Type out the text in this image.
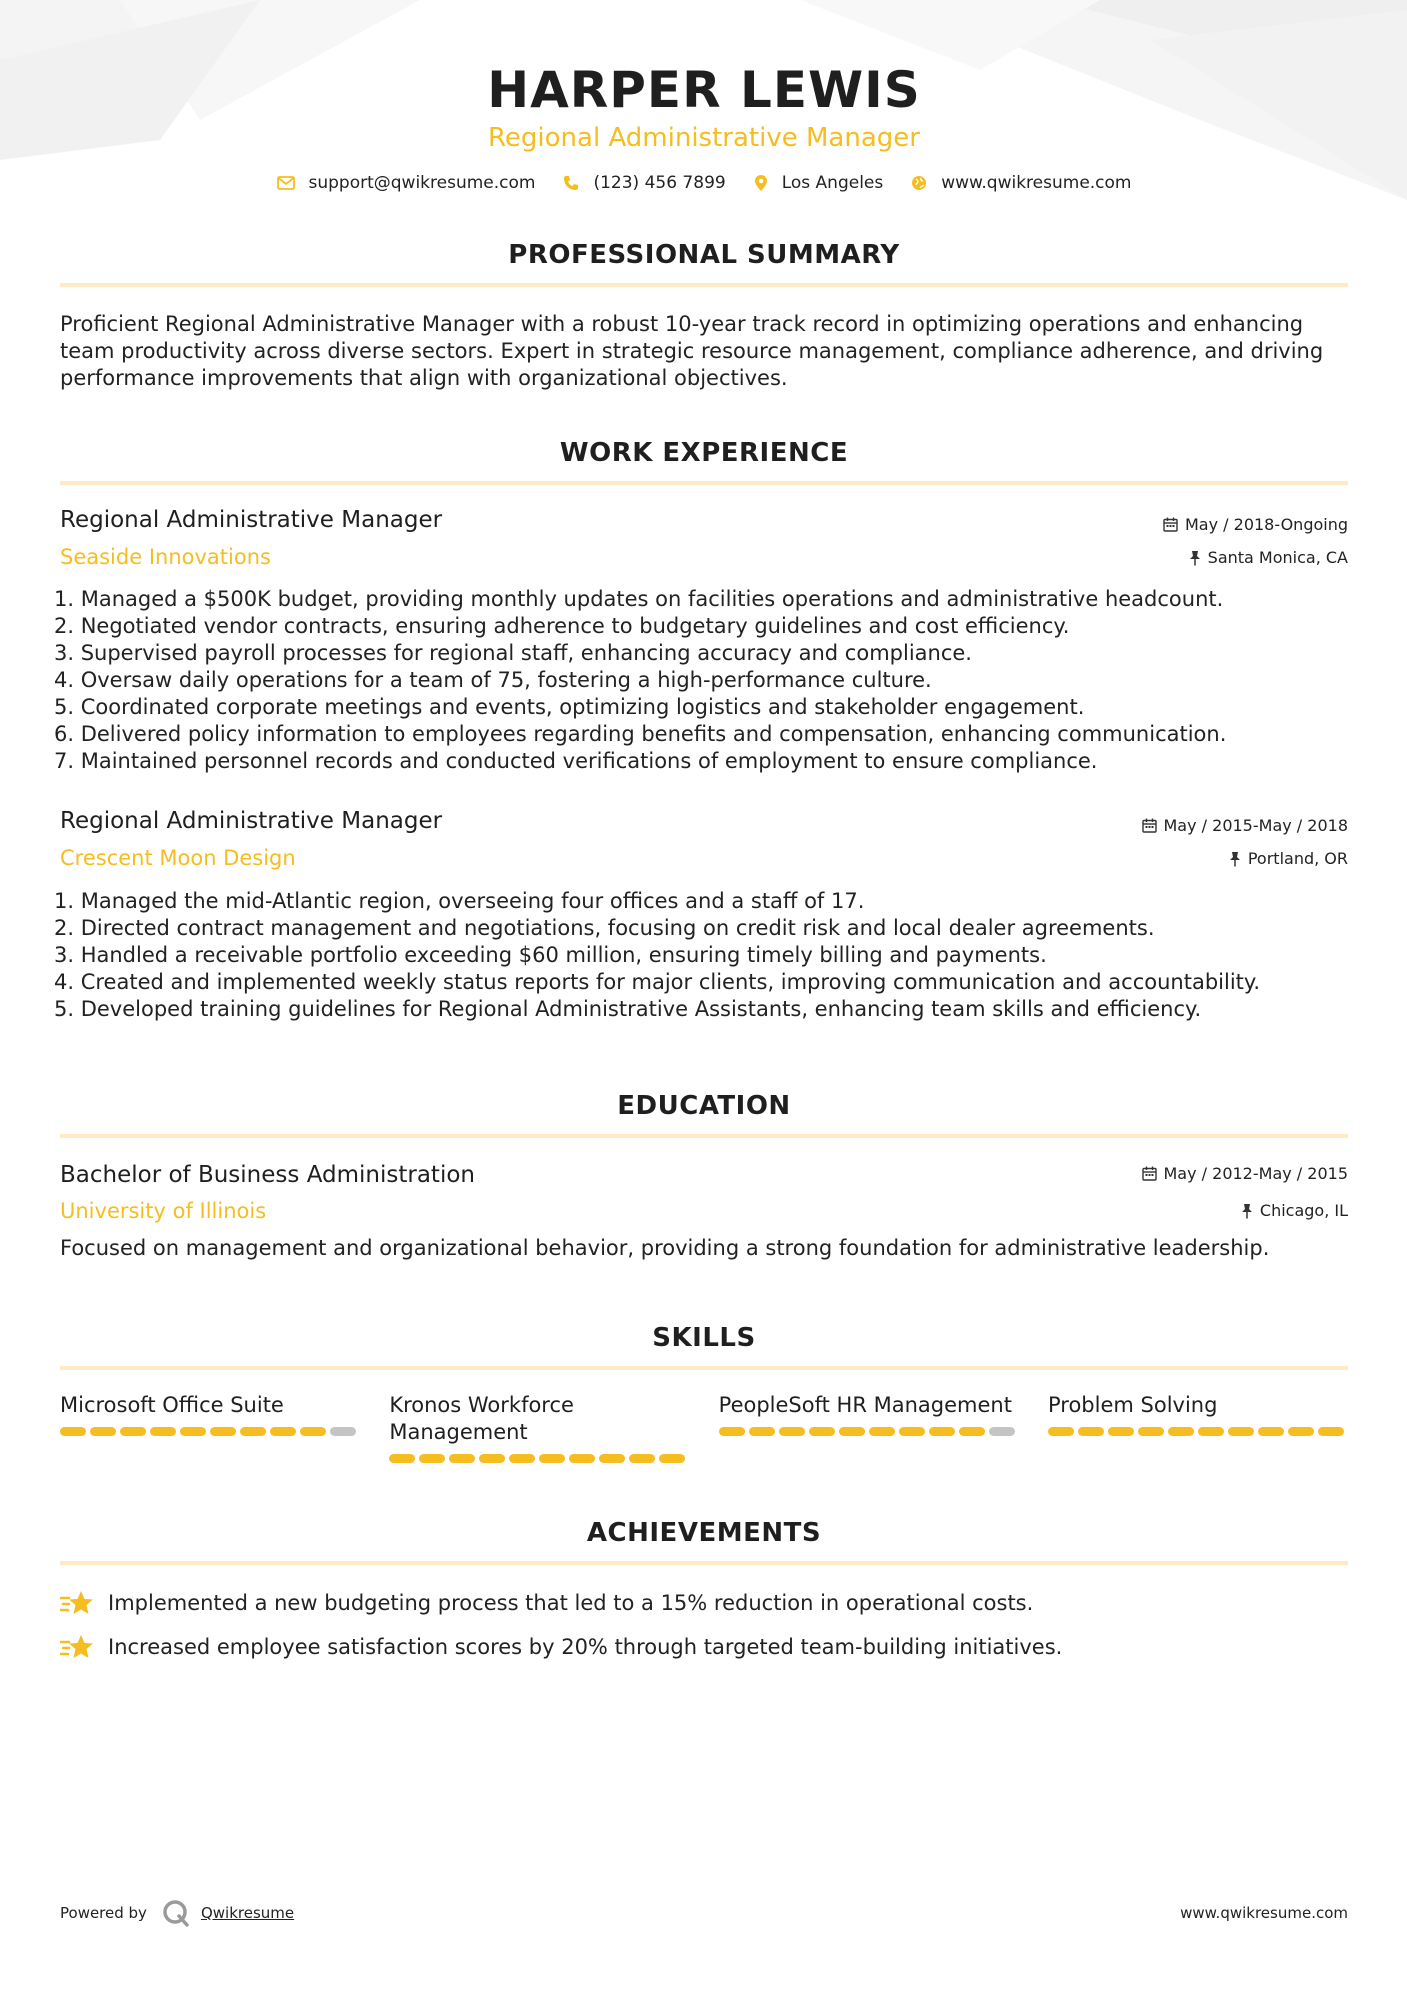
HARPER LEWIS
Regional Administrative Manager
support@qwikresume.com	(123) 456 7899	Los Angeles	www.qwikresume.com
PROFESSIONAL SUMMARY
Proficient Regional Administrative Manager with a robust 10-year track record in optimizing operations and enhancing
team productivity across diverse sectors. Expert in strategic resource management, compliance adherence, and driving
performance improvements that align with organizational objectives.
WORK EXPERIENCE
Regional Administrative Manager
Seaside Innovations
May / 2018-Ongoing
Santa Monica, CA
1. Managed a $500K budget, providing monthly updates on facilities operations and administrative headcount.
2. Negotiated vendor contracts, ensuring adherence to budgetary guidelines and cost efficiency.
3. Supervised payroll processes for regional staff, enhancing accuracy and compliance.
4. Oversaw daily operations for a team of 75, fostering a high-performance culture.
5. Coordinated corporate meetings and events, optimizing logistics and stakeholder engagement.
6. Delivered policy information to employees regarding benefits and compensation, enhancing communication.
7. Maintained personnel records and conducted verifications of employment to ensure compliance.
Regional Administrative Manager
Crescent Moon Design
May / 2015-May / 2018
Portland, OR
1. Managed the mid-Atlantic region, overseeing four offices and a staff of 17.
2. Directed contract management and negotiations, focusing on credit risk and local dealer agreements.
3. Handled a receivable portfolio exceeding $60 million, ensuring timely billing and payments.
4. Created and implemented weekly status reports for major clients, improving communication and accountability.
5. Developed training guidelines for Regional Administrative Assistants, enhancing team skills and efficiency.
EDUCATION
Bachelor of Business Administration
University of Illinois
May / 2012-May / 2015
Chicago, IL
Focused on management and organizational behavior, providing a strong foundation for administrative leadership.
SKILLS
Microsoft Office Suite	Kronos Workforce Management
PeopleSoft HR Management	Problem Solving
ACHIEVEMENTS
Implemented a new budgeting process that led to a 15% reduction in operational costs.
Increased employee satisfaction scores by 20% through targeted team-building initiatives.
Powered by	Qwikresume	www.qwikresume.com
